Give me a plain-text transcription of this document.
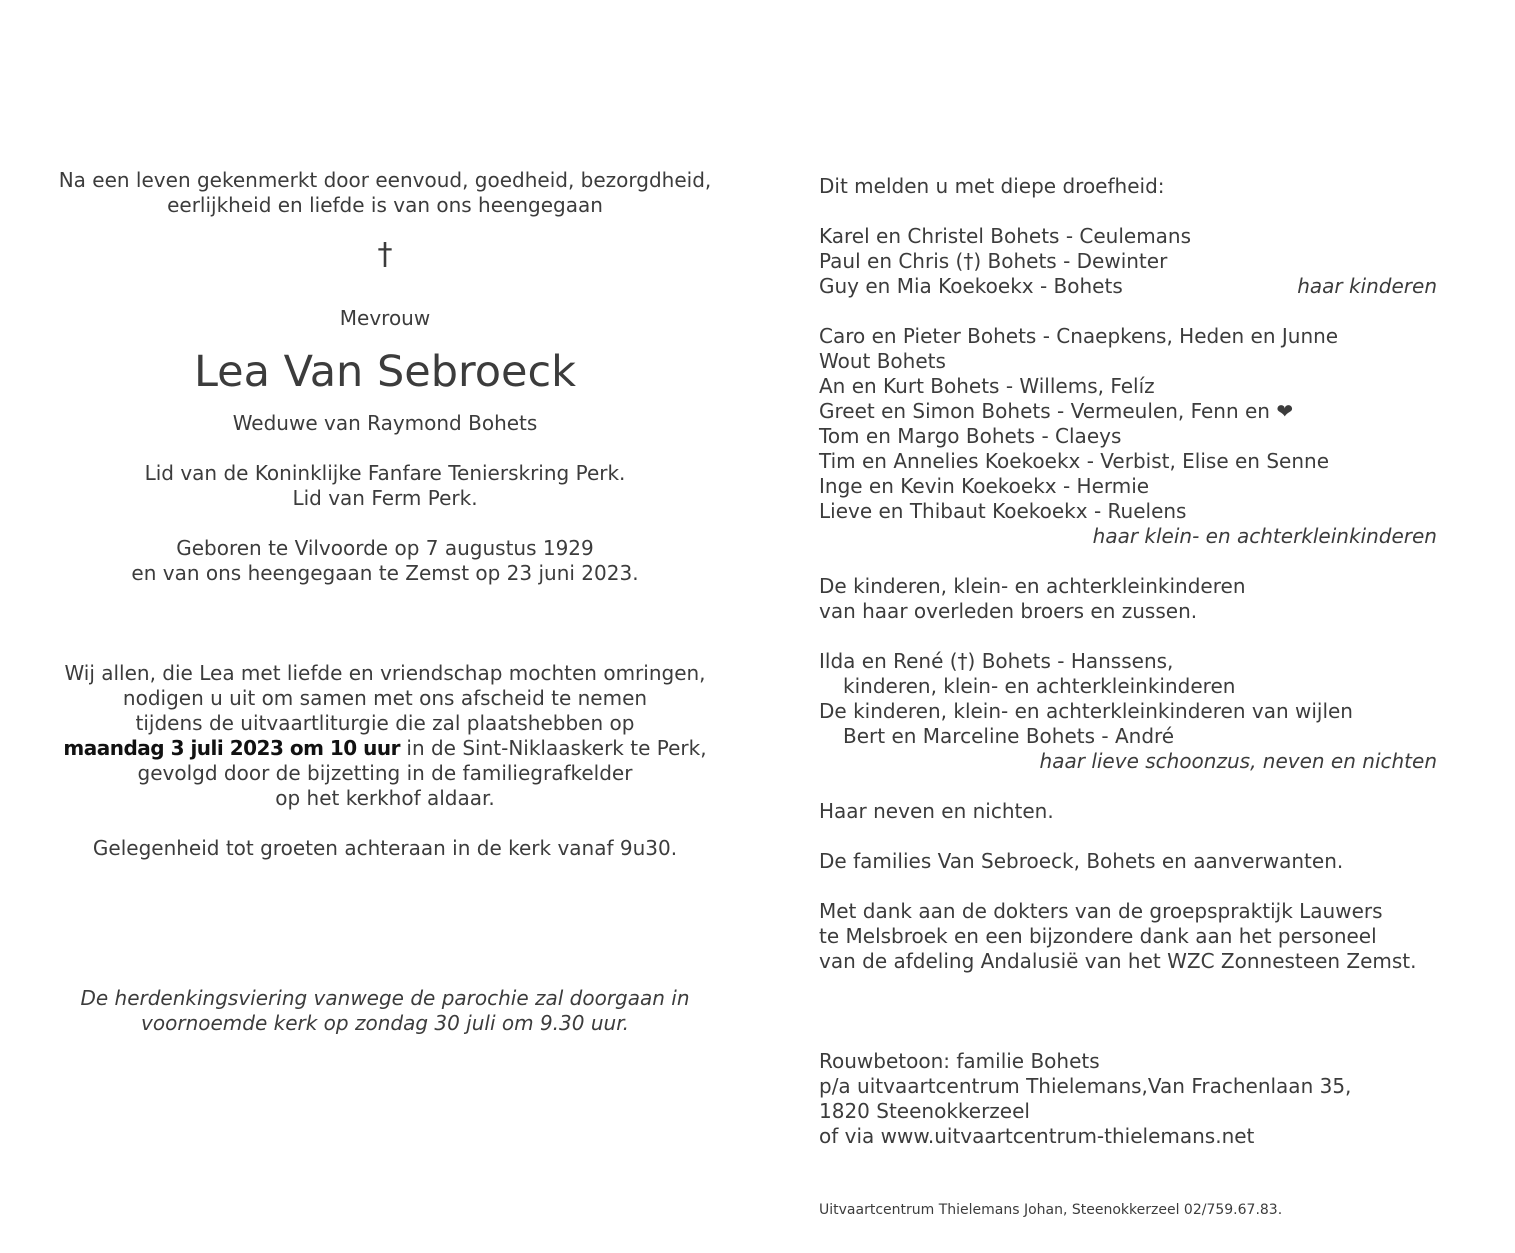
Na een leven gekenmerkt door eenvoud, goedheid, bezorgdheid,
eerlijkheid en liefde is van ons heengegaan
†
Mevrouw
Lea Van Sebroeck
Weduwe van Raymond Bohets
Lid van de Koninklijke Fanfare Tenierskring Perk.
Lid van Ferm Perk.
Geboren te Vilvoorde op 7 augustus 1929
en van ons heengegaan te Zemst op 23 juni 2023.
Wij allen, die Lea met liefde en vriendschap mochten omringen,
nodigen u uit om samen met ons afscheid te nemen
tijdens de uitvaartliturgie die zal plaatshebben op
maandag 3 juli 2023 om 10 uur in de Sint-Niklaaskerk te Perk,
gevolgd door de bijzetting in de familiegrafkelder
op het kerkhof aldaar.
Gelegenheid tot groeten achteraan in de kerk vanaf 9u30.
De herdenkingsviering vanwege de parochie zal doorgaan in
voornoemde kerk op zondag 30 juli om 9.30 uur.
Dit melden u met diepe droefheid:
Karel en Christel Bohets - Ceulemans
Paul en Chris (†) Bohets - Dewinter
Guy en Mia Koekoekx - Bohets	haar kinderen
Caro en Pieter Bohets - Cnaepkens, Heden en Junne
Wout Bohets
An en Kurt Bohets - Willems, Felíz
Greet en Simon Bohets - Vermeulen, Fenn en ❤
Tom en Margo Bohets - Claeys
Tim en Annelies Koekoekx - Verbist, Elise en Senne
Inge en Kevin Koekoekx - Hermie
Lieve en Thibaut Koekoekx - Ruelens
haar klein- en achterkleinkinderen
De kinderen, klein- en achterkleinkinderen
van haar overleden broers en zussen.
Ilda en René (†) Bohets - Hanssens,
kinderen, klein- en achterkleinkinderen
De kinderen, klein- en achterkleinkinderen van wijlen
Bert en Marceline Bohets - André
haar lieve schoonzus, neven en nichten
Haar neven en nichten.
De families Van Sebroeck, Bohets en aanverwanten.
Met dank aan de dokters van de groepspraktijk Lauwers
te Melsbroek en een bijzondere dank aan het personeel
van de afdeling Andalusië van het WZC Zonnesteen Zemst.
Rouwbetoon: familie Bohets
p/a uitvaartcentrum Thielemans,Van Frachenlaan 35,
1820 Steenokkerzeel
of via www.uitvaartcentrum-thielemans.net
Uitvaartcentrum Thielemans Johan, Steenokkerzeel 02/759.67.83.
